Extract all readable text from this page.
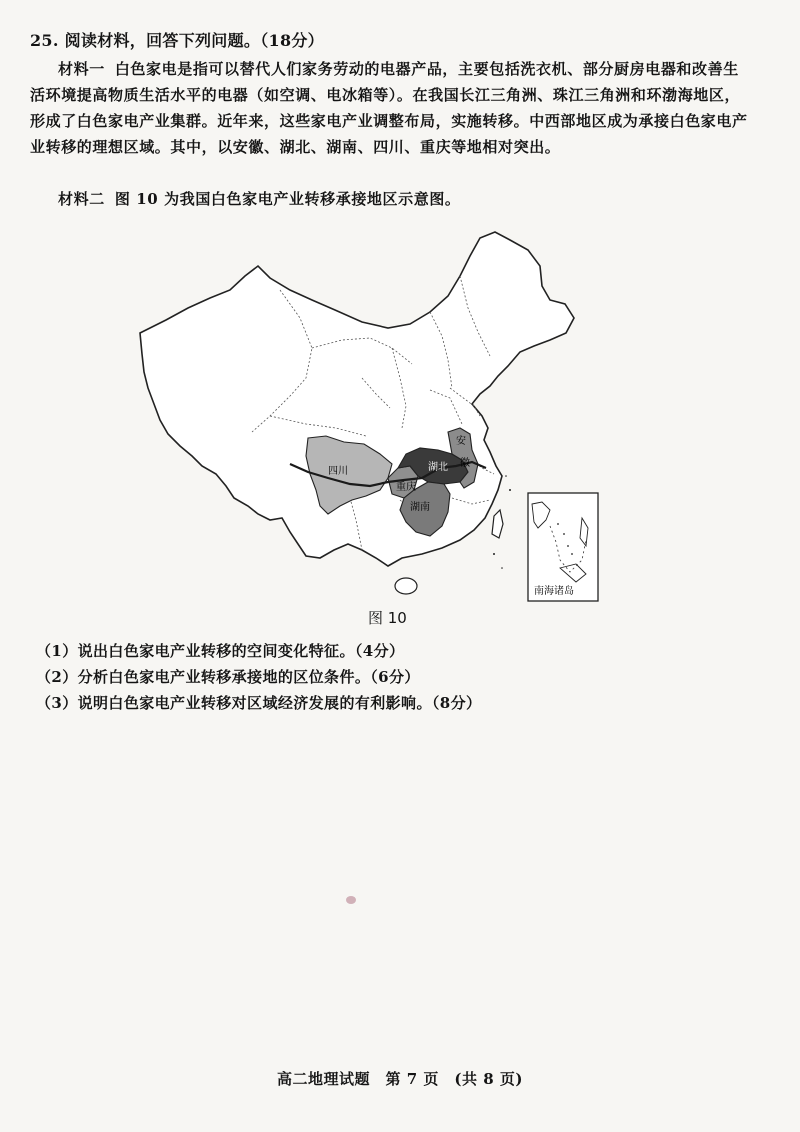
25. 阅读材料，回答下列问题。（18分）
材料一 白色家电是指可以替代人们家务劳动的电器产品，主要包括洗衣机、部分厨房电器和改善生活环境提高物质生活水平的电器（如空调、电冰箱等）。在我国长江三角洲、珠江三角洲和环渤海地区，形成了白色家电产业集群。近年来，这些家电产业调整布局，实施转移。中西部地区成为承接白色家电产业转移的理想区域。其中，以安徽、湖北、湖南、四川、重庆等地相对突出。
材料二 图 10 为我国白色家电产业转移承接地区示意图。
四川	湖北
湖南
安
徽
重庆
南海诸岛
图 10
（1）说出白色家电产业转移的空间变化特征。（4分）
（2）分析白色家电产业转移承接地的区位条件。（6分）
（3）说明白色家电产业转移对区域经济发展的有利影响。（8分）
高二地理试题　第 7 页　(共 8 页)
